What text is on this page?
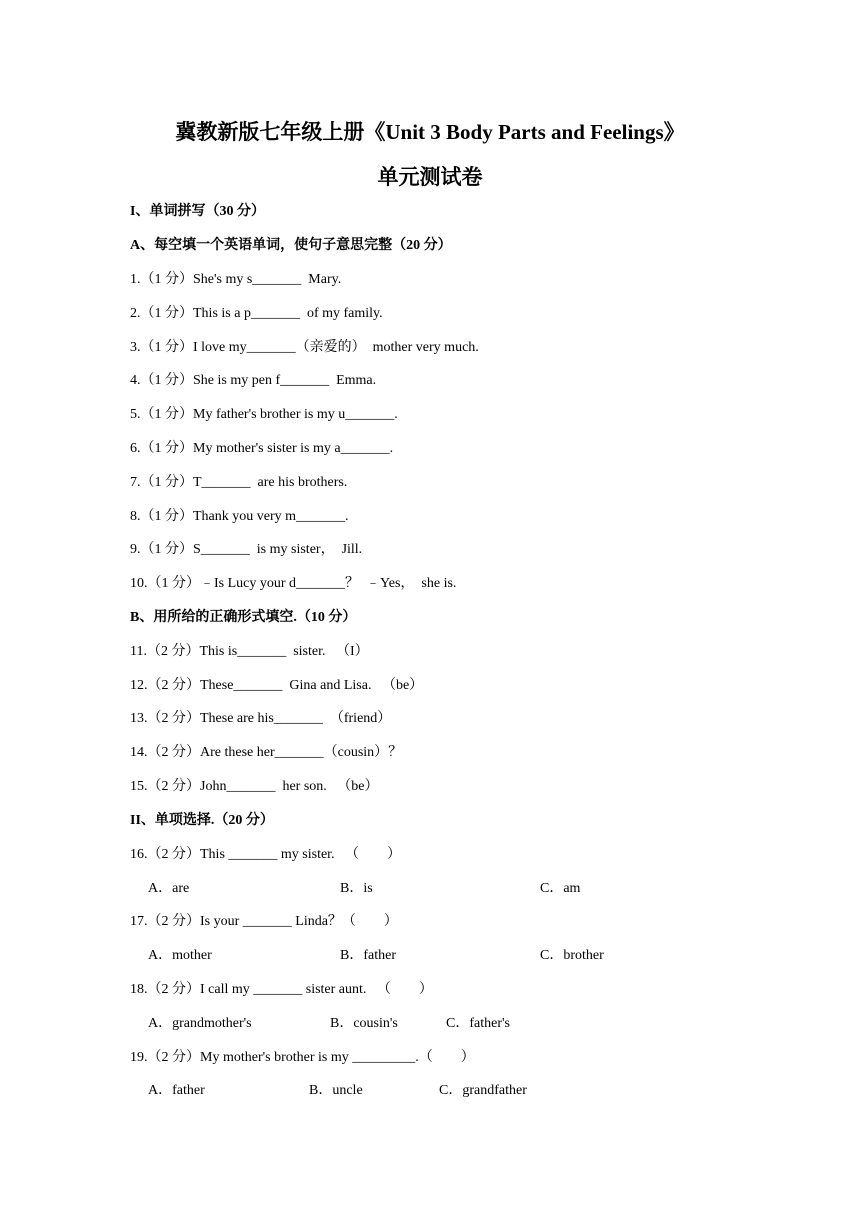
冀教新版七年级上册《Unit 3 Body Parts and Feelings》
单元测试卷
I、单词拼写（30 分）
A、每空填一个英语单词，使句子意思完整（20 分）
1.（1 分）She's my s_______  Mary.
2.（1 分）This is a p_______  of my family.
3.（1 分）I love my_______（亲爱的）  mother very much.
4.（1 分）She is my pen f_______  Emma.
5.（1 分）My father's brother is my u_______.
6.（1 分）My mother's sister is my a_______.
7.（1 分）T_______  are his brothers.
8.（1 分）Thank you very m_______.
9.（1 分）S_______  is my sister，  Jill.
10.（1 分）﹣Is Lucy your d_______？  ﹣Yes，  she is.
B、用所给的正确形式填空.（10 分）
11.（2 分）This is_______  sister.   （I）
12.（2 分）These_______  Gina and Lisa.   （be）
13.（2 分）These are his_______  （friend）
14.（2 分）Are these her_______（cousin）？
15.（2 分）John_______  her son.   （be）
II、单项选择.（20 分）
16.（2 分）This _______ my sister.   （        ）
A．are	B．is	C．am
17.（2 分）Is your _______ Linda？（        ）
A．mother	B．father	C．brother
18.（2 分）I call my _______ sister aunt.   （        ）
A．grandmother's	B．cousin's	C．father's
19.（2 分）My mother's brother is my _________.（        ）
A．father	B．uncle	C．grandfather
